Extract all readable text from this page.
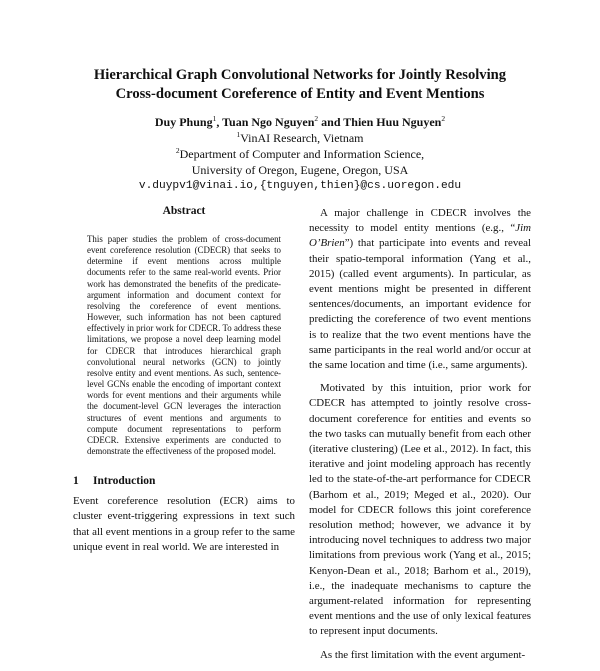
Hierarchical Graph Convolutional Networks for Jointly Resolving
Cross-document Coreference of Entity and Event Mentions
Duy Phung$^1$, Tuan Ngo Nguyen$^2$ and Thien Huu Nguyen$^2$
$^1$VinAI Research, Vietnam
$^2$Department of Computer and Information Science,
University of Oregon, Eugene, Oregon, USA
v.duypv1@vinai.io,{tnguyen,thien}@cs.uoregon.edu
Abstract
This paper studies the problem of cross-document event coreference resolution (CDECR) that seeks to determine if event mentions across multiple documents refer to the same real-world events. Prior work has demonstrated the benefits of the predicate-argument information and document context for resolving the coreference of event mentions. However, such information has not been captured effectively in prior work for CDECR. To address these limitations, we propose a novel deep learning model for CDECR that introduces hierarchical graph convolutional neural networks (GCN) to jointly resolve entity and event mentions. As such, sentence-level GCNs enable the encoding of important context words for event mentions and their arguments while the document-level GCN leverages the interaction structures of event mentions and arguments to compute document representations to perform CDECR. Extensive experiments are conducted to demonstrate the effectiveness of the proposed model.
1 Introduction
Event coreference resolution (ECR) aims to cluster event-triggering expressions in text such that all event mentions in a group refer to the same unique event in real world. We are interested in

A major challenge in CDECR involves the necessity to model entity mentions (e.g., “Jim O’Brien”) that participate into events and reveal their spatio-temporal information (Yang et al., 2015) (called event arguments). In particular, as event mentions might be presented in different sentences/documents, an important evidence for predicting the coreference of two event mentions is to realize that the two event mentions have the same participants in the real world and/or occur at the same location and time (i.e., same arguments).

Motivated by this intuition, prior work for CDECR has attempted to jointly resolve cross-document coreference for entities and events so the two tasks can mutually benefit from each other (iterative clustering) (Lee et al., 2012). In fact, this iterative and joint modeling approach has recently led to the state-of-the-art performance for CDECR (Barhom et al., 2019; Meged et al., 2020). Our model for CDECR follows this joint coreference resolution method; however, we advance it by introducing novel techniques to address two major limitations from previous work (Yang et al., 2015; Kenyon-Dean et al., 2018; Barhom et al., 2019), i.e., the inadequate mechanisms to capture the argument-related information for representing event mentions and the use of only lexical features to represent input documents.

As the first limitation with the event argument-
